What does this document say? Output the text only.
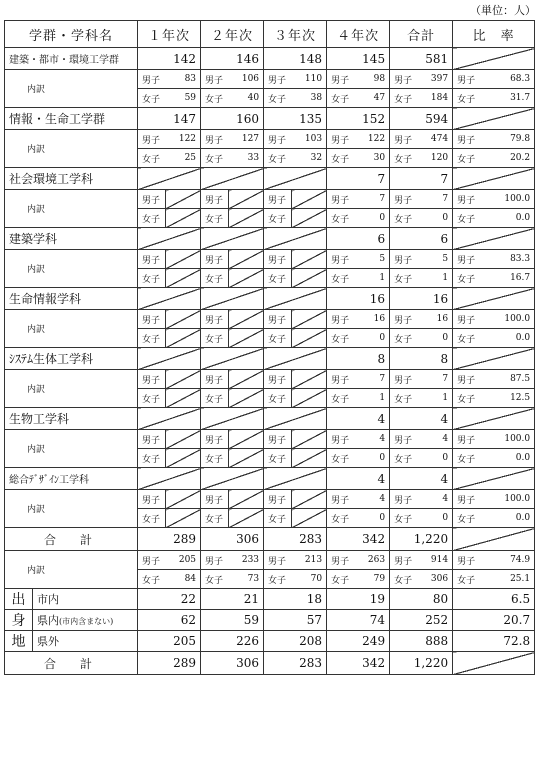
（単位：人）
学群・学科名		１年次		２年次		３年次		４年次		合計		比　率	
建築・都市・環境工学群		142		146		148		145		581			
内訳		男子	83	男子	106	男子	110	男子	98	男子	397	男子	68.3
		女子	59	女子	40	女子	38	女子	47	女子	184	女子	31.7
情報・生命工学群		147		160		135		152		594			
内訳		男子	122	男子	127	男子	103	男子	122	男子	474	男子	79.8
		女子	25	女子	33	女子	32	女子	30	女子	120	女子	20.2
社会環境工学科								7		7			
内訳		男子		男子		男子		男子	7	男子	7	男子	100.0
		女子		女子		女子		女子	0	女子	0	女子	0.0
建築学科								6		6			
内訳		男子		男子		男子		男子	5	男子	5	男子	83.3
		女子		女子		女子		女子	1	女子	1	女子	16.7
生命情報学科								16		16			
内訳		男子		男子		男子		男子	16	男子	16	男子	100.0
		女子		女子		女子		女子	0	女子	0	女子	0.0
ｼｽﾃﾑ生体工学科								8		8			
内訳		男子		男子		男子		男子	7	男子	7	男子	87.5
		女子		女子		女子		女子	1	女子	1	女子	12.5
生物工学科								4		4			
内訳		男子		男子		男子		男子	4	男子	4	男子	100.0
		女子		女子		女子		女子	0	女子	0	女子	0.0
総合ﾃﾞｻﾞｲﾝ工学科								4		4			
内訳		男子		男子		男子		男子	4	男子	4	男子	100.0
		女子		女子		女子		女子	0	女子	0	女子	0.0
合　計		289		306		283		342		1,220			
内訳		男子	205	男子	233	男子	213	男子	263	男子	914	男子	74.9
		女子	84	女子	73	女子	70	女子	79	女子	306	女子	25.1
出	市内	22		21		18		19		80		6.5	
身	県内(市内含まない)	62		59		57		74		252		20.7	
地	県外	205		226		208		249		888		72.8	
合　計		289		306		283		342		1,220			
